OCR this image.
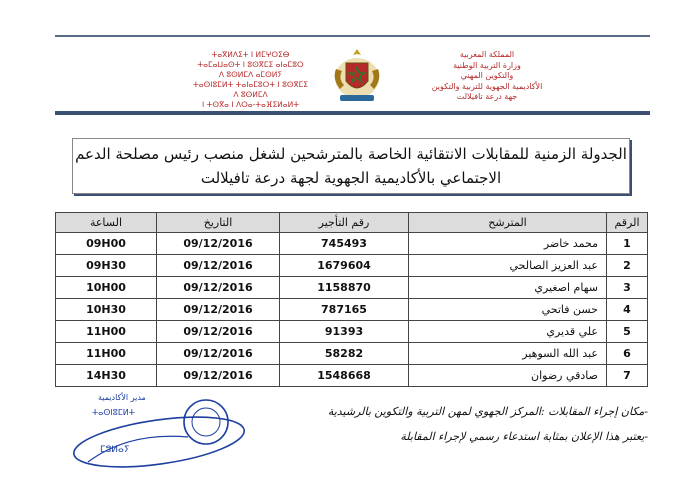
ⵜⴰⴳⵍⴷⵉⵜ ⵏ ⵍⵎⵖⵔⵉⴱ
ⵜⴰⵎⴰⵡⴰⵙⵜ ⵏ ⵓⵙⴳⵎⵉ ⴰⵏⴰⵎⵓⵔ
ⴷ ⵓⵙⵍⵎⴷ ⴰⵎⵙⵍⵢ
ⵜⴰⵙⵏⵓⵎⵍⵜ ⵜⴰⵏⴰⵎⵓⵔⵜ ⵏ ⵓⵙⴳⵎⵉ
ⴷ ⵓⵙⵍⵎⴷ
ⵏ ⵜⵙⴳⴰ ⵏ ⴷⵔⴰ-ⵜⴰⴼⵉⵍⴰⵍⵜ
المملكة المغربية
وزارة التربية الوطنية
والتكوين المهني
الأكاديمية الجهوية للتربية والتكوين
جهة درعة تافيلالت
الجدولة الزمنية للمقابلات الانتقائية الخاصة بالمترشحين لشغل منصب رئيس مصلحة الدعم
الاجتماعي بالأكاديمية الجهوية لجهة درعة تافيلالت
الرقم	المترشح	رقم التأجير	التاريخ	الساعة
1	محمد خاضر	745493	09/12/2016	09H00
2	عبد العزيز الصالحي	1679604	09/12/2016	09H30
3	سهام اصغيري	1158870	09/12/2016	10H00
4	حسن فاتحي	787165	09/12/2016	10H30
5	علي قديري	91393	09/12/2016	11H00
6	عبد الله السوهير	58282	09/12/2016	11H00
7	صادقي رضوان	1548668	09/12/2016	14H30
-مكان إجراء المقابلات :المركز الجهوي لمهن التربية والتكوين بالرشيدية
-يعتبر هذا الإعلان بمثابة استدعاء رسمي لإجراء المقابلة
مدير الأكاديمية
ⵜⴰⵙⵏⵓⵎⵍⵜ
ⵎⵓⵍⴰⵢ
